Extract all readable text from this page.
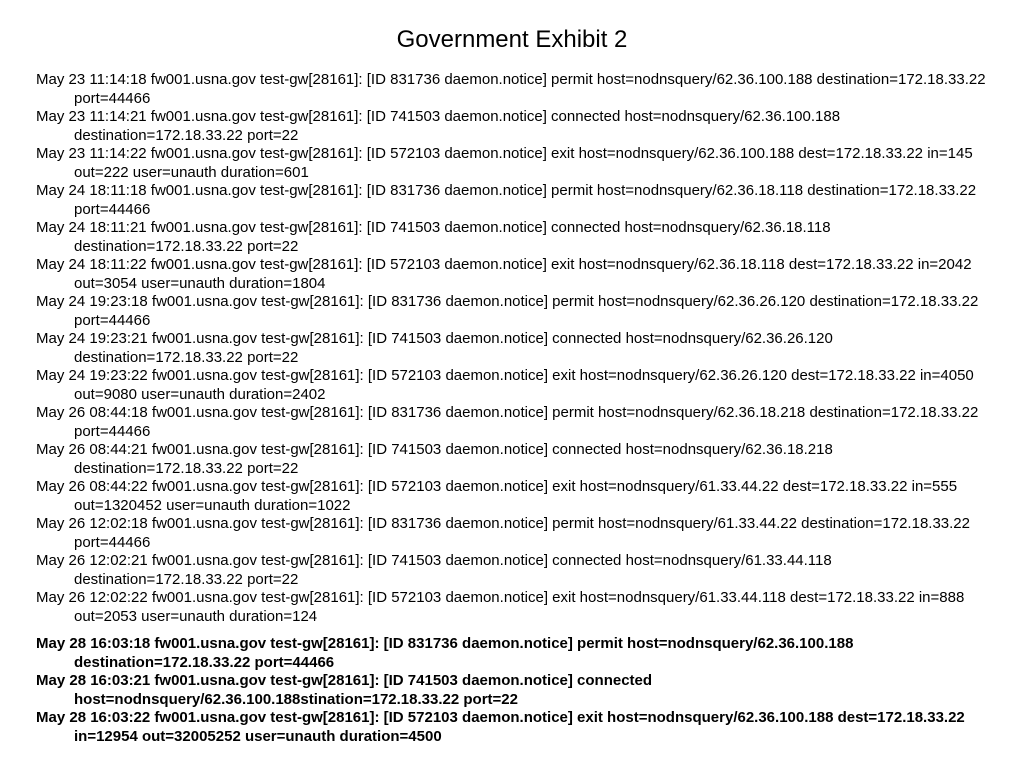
Government Exhibit 2
May 23 11:14:18 fw001.usna.gov test-gw[28161]: [ID 831736 daemon.notice] permit host=nodnsquery/62.36.100.188 destination=172.18.33.22 port=44466
May 23 11:14:21 fw001.usna.gov test-gw[28161]: [ID 741503 daemon.notice] connected host=nodnsquery/62.36.100.188 destination=172.18.33.22 port=22
May 23 11:14:22 fw001.usna.gov test-gw[28161]: [ID 572103 daemon.notice] exit host=nodnsquery/62.36.100.188 dest=172.18.33.22 in=145 out=222 user=unauth duration=601
May 24 18:11:18 fw001.usna.gov test-gw[28161]: [ID 831736 daemon.notice] permit host=nodnsquery/62.36.18.118 destination=172.18.33.22 port=44466
May 24 18:11:21 fw001.usna.gov test-gw[28161]: [ID 741503 daemon.notice] connected host=nodnsquery/62.36.18.118 destination=172.18.33.22 port=22
May 24 18:11:22 fw001.usna.gov test-gw[28161]: [ID 572103 daemon.notice] exit host=nodnsquery/62.36.18.118 dest=172.18.33.22 in=2042 out=3054 user=unauth duration=1804
May 24 19:23:18 fw001.usna.gov test-gw[28161]: [ID 831736 daemon.notice] permit host=nodnsquery/62.36.26.120 destination=172.18.33.22 port=44466
May 24 19:23:21 fw001.usna.gov test-gw[28161]: [ID 741503 daemon.notice] connected host=nodnsquery/62.36.26.120 destination=172.18.33.22 port=22
May 24 19:23:22 fw001.usna.gov test-gw[28161]: [ID 572103 daemon.notice] exit host=nodnsquery/62.36.26.120 dest=172.18.33.22 in=4050 out=9080 user=unauth duration=2402
May 26 08:44:18 fw001.usna.gov test-gw[28161]: [ID 831736 daemon.notice] permit host=nodnsquery/62.36.18.218 destination=172.18.33.22 port=44466
May 26 08:44:21 fw001.usna.gov test-gw[28161]: [ID 741503 daemon.notice] connected host=nodnsquery/62.36.18.218 destination=172.18.33.22 port=22
May 26 08:44:22 fw001.usna.gov test-gw[28161]: [ID 572103 daemon.notice] exit host=nodnsquery/61.33.44.22 dest=172.18.33.22 in=555 out=1320452 user=unauth duration=1022
May 26 12:02:18 fw001.usna.gov test-gw[28161]: [ID 831736 daemon.notice] permit host=nodnsquery/61.33.44.22 destination=172.18.33.22 port=44466
May 26 12:02:21 fw001.usna.gov test-gw[28161]: [ID 741503 daemon.notice] connected host=nodnsquery/61.33.44.118 destination=172.18.33.22 port=22
May 26 12:02:22 fw001.usna.gov test-gw[28161]: [ID 572103 daemon.notice] exit host=nodnsquery/61.33.44.118 dest=172.18.33.22 in=888 out=2053 user=unauth duration=124
May 28 16:03:18 fw001.usna.gov test-gw[28161]: [ID 831736 daemon.notice] permit host=nodnsquery/62.36.100.188 destination=172.18.33.22 port=44466
May 28 16:03:21 fw001.usna.gov test-gw[28161]: [ID 741503 daemon.notice] connected host=nodnsquery/62.36.100.188stination=172.18.33.22 port=22
May 28 16:03:22 fw001.usna.gov test-gw[28161]: [ID 572103 daemon.notice] exit host=nodnsquery/62.36.100.188 dest=172.18.33.22 in=12954 out=32005252 user=unauth duration=4500
